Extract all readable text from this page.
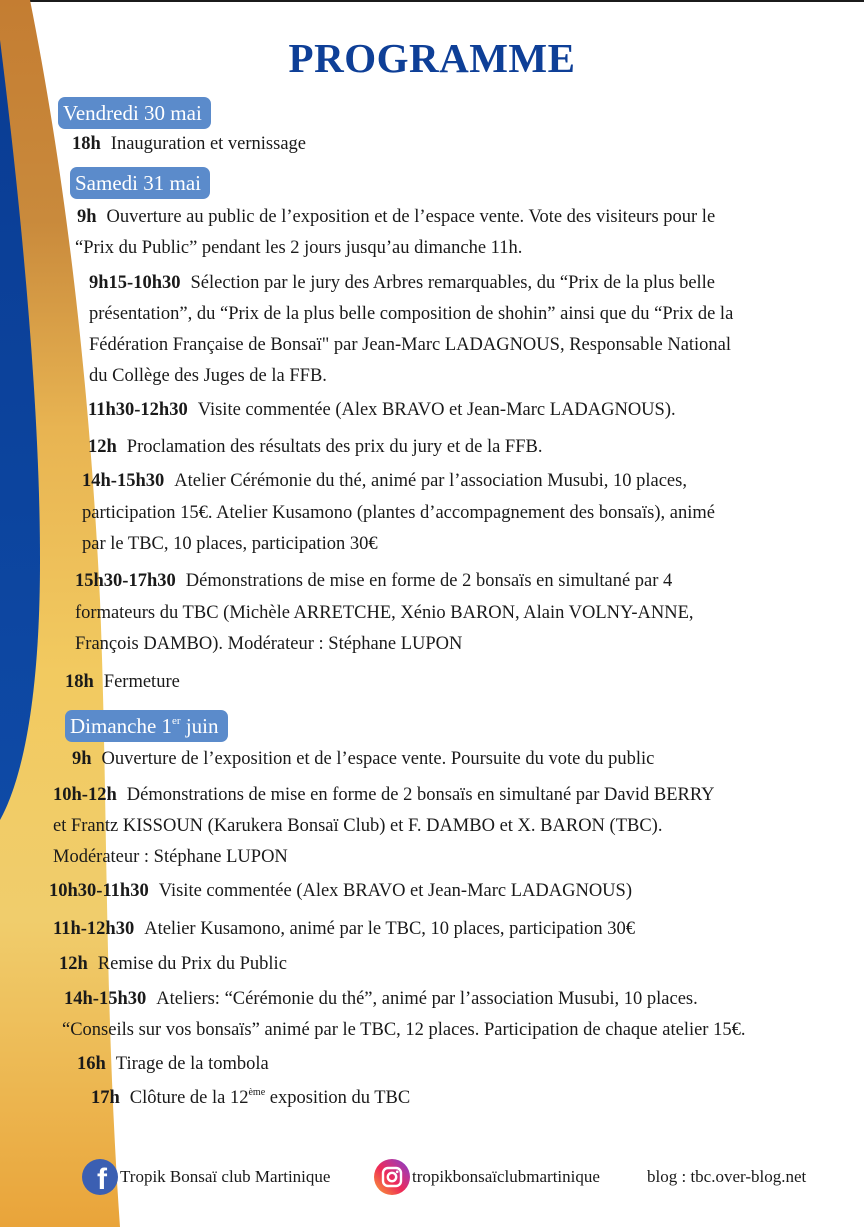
PROGRAMME
Vendredi 30 mai
18h Inauguration et vernissage
Samedi 31 mai
9h Ouverture au public de l’exposition et de l’espace vente. Vote des visiteurs pour le
“Prix du Public” pendant les 2 jours jusqu’au dimanche 11h.
9h15-10h30 Sélection par le jury des Arbres remarquables, du “Prix de la plus belle
présentation”, du “Prix de la plus belle composition de shohin” ainsi que du “Prix de la
Fédération Française de Bonsaï" par Jean-Marc LADAGNOUS, Responsable National
du Collège des Juges de la FFB.
11h30-12h30 Visite commentée (Alex BRAVO et Jean-Marc LADAGNOUS).
12h Proclamation des résultats des prix du jury et de la FFB.
14h-15h30 Atelier Cérémonie du thé, animé par l’association Musubi, 10 places,
participation 15€. Atelier Kusamono (plantes d’accompagnement des bonsaïs), animé
par le TBC, 10 places, participation 30€
15h30-17h30 Démonstrations de mise en forme de 2 bonsaïs en simultané par 4
formateurs du TBC (Michèle ARRETCHE, Xénio BARON, Alain VOLNY-ANNE,
François DAMBO). Modérateur : Stéphane LUPON
18h Fermeture
Dimanche 1er juin
9h Ouverture de l’exposition et de l’espace vente. Poursuite du vote du public
10h-12h Démonstrations de mise en forme de 2 bonsaïs en simultané par David BERRY
et Frantz KISSOUN (Karukera Bonsaï Club) et F. DAMBO et X. BARON (TBC).
Modérateur : Stéphane LUPON
10h30-11h30 Visite commentée (Alex BRAVO et Jean-Marc LADAGNOUS)
11h-12h30 Atelier Kusamono, animé par le TBC, 10 places, participation 30€
12h Remise du Prix du Public
14h-15h30 Ateliers: “Cérémonie du thé”, animé par l’association Musubi, 10 places.
“Conseils sur vos bonsaïs” animé par le TBC, 12 places. Participation de chaque atelier 15€.
16h Tirage de la tombola
17h Clôture de la 12ème exposition du TBC
f Tropik Bonsaï club Martinique	tropikbonsaïclubmartinique	blog : tbc.over-blog.net
